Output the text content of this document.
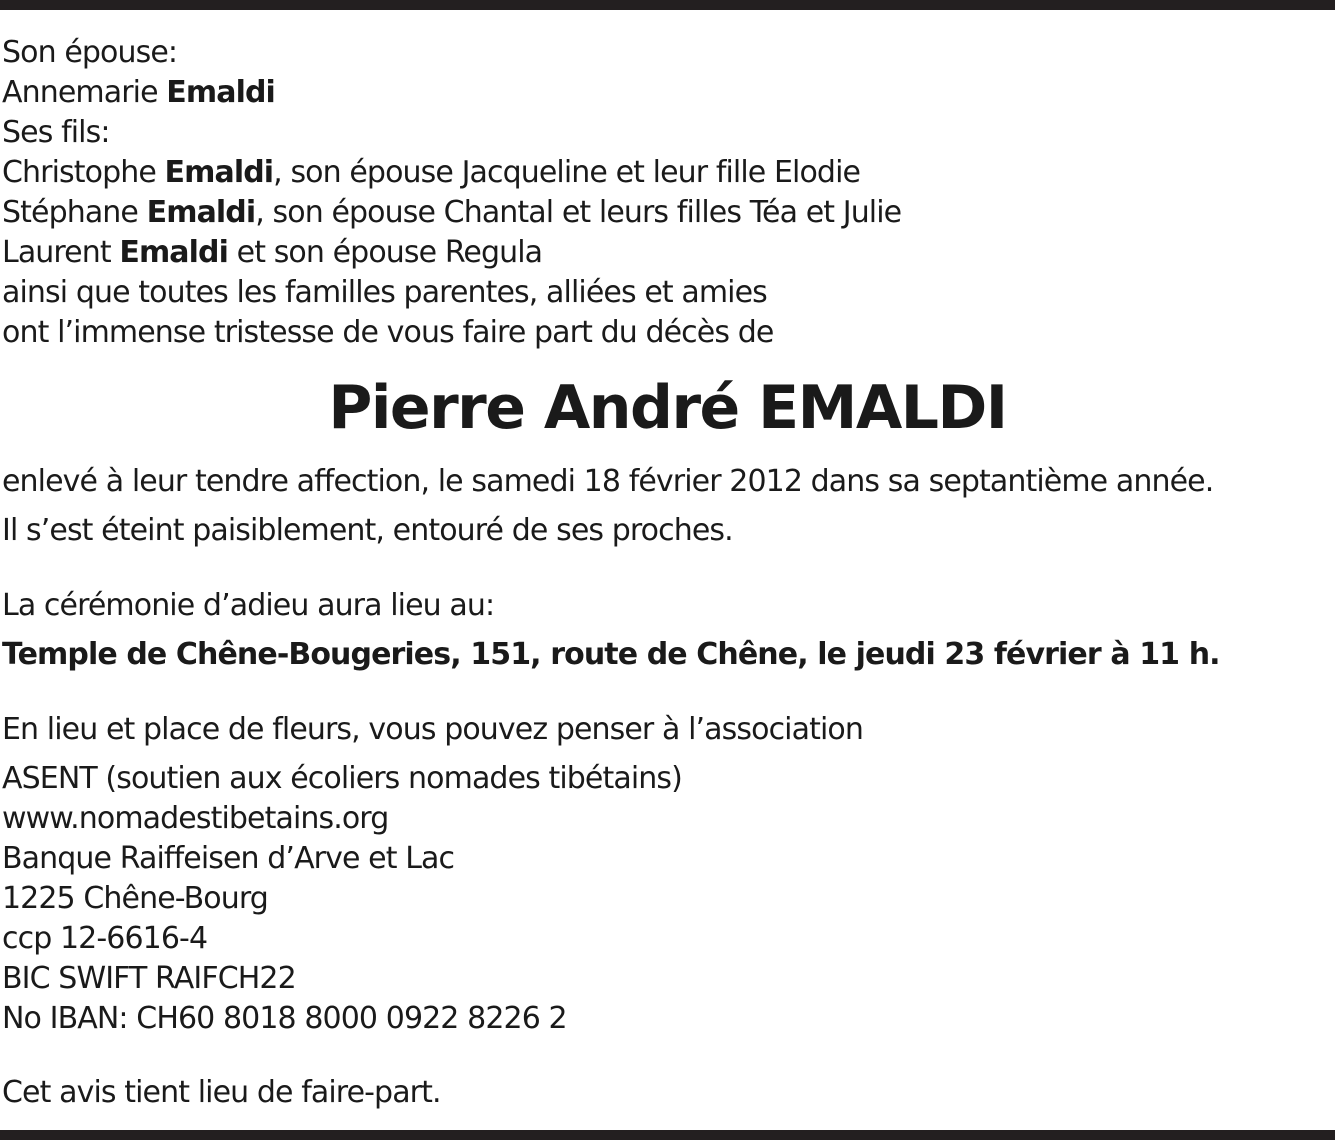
Son épouse:
Annemarie Emaldi
Ses fils:
Christophe Emaldi, son épouse Jacqueline et leur fille Elodie
Stéphane Emaldi, son épouse Chantal et leurs filles Téa et Julie
Laurent Emaldi et son épouse Regula
ainsi que toutes les familles parentes, alliées et amies
ont l’immense tristesse de vous faire part du décès de
Pierre André EMALDI
enlevé à leur tendre affection, le samedi 18 février 2012 dans sa septantième année.
Il s’est éteint paisiblement, entouré de ses proches.
La cérémonie d’adieu aura lieu au:
Temple de Chêne-Bougeries, 151, route de Chêne, le jeudi 23 février à 11 h.
En lieu et place de fleurs, vous pouvez penser à l’association
ASENT (soutien aux écoliers nomades tibétains)
www.nomadestibetains.org
Banque Raiffeisen d’Arve et Lac
1225 Chêne-Bourg
ccp 12-6616-4
BIC SWIFT RAIFCH22
No IBAN: CH60 8018 8000 0922 8226 2
Cet avis tient lieu de faire-part.
